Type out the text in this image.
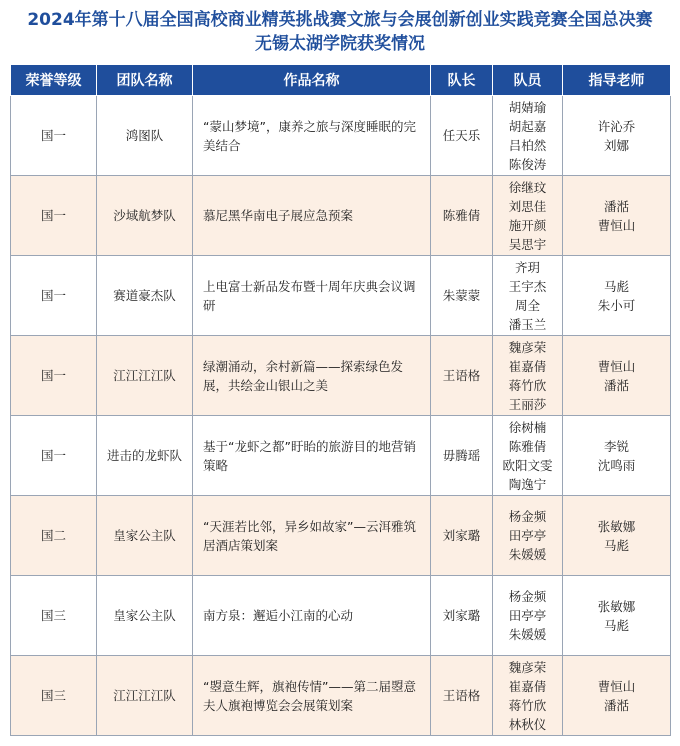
2024年第十八届全国高校商业精英挑战赛文旅与会展创新创业实践竞赛全国总决赛

无锡太湖学院获奖情况

荣誉等级	团队名称	作品名称	队长	队员	指导老师
国一	鸿图队	“蒙山梦境”，康养之旅与深度睡眠的完美结合	任天乐	胡婧瑜
胡起嘉
吕柏然
陈俊涛	许沁乔
刘娜

国一	沙域航梦队	慕尼黑华南电子展应急预案	陈雅倩	徐继玟
刘思佳
施开颜
吴思宇	潘湉
曹恒山

国一	赛道豪杰队	上电富士新品发布暨十周年庆典会议调研	朱蒙蒙	齐玥
王宇杰
周全
潘玉兰	马彪
朱小可

国一	江江江江队	绿潮涌动，余村新篇——探索绿色发展，共绘金山银山之美	王语格	魏彦荣
崔嘉倩
蒋竹欣
王丽莎	曹恒山
潘湉

国一	进击的龙虾队	基于“龙虾之都”盱眙的旅游目的地营销策略	毋腾瑶	徐树楠
陈雅倩
欧阳文雯
陶逸宁	李锐
沈鸣雨

国二	皇家公主队	“天涯若比邻，异乡如故家”—云洱雅筑居酒店策划案	刘家璐	杨金频
田亭亭
朱媛媛	张敏娜
马彪

国三	皇家公主队	南方泉：邂逅小江南的心动	刘家璐	杨金频
田亭亭
朱媛媛	张敏娜
马彪

国三	江江江江队	“曌意生辉，旗袍传情”——第二届曌意夫人旗袍博览会会展策划案	王语格	魏彦荣
崔嘉倩
蒋竹欣
林秋仪	曹恒山
潘湉
